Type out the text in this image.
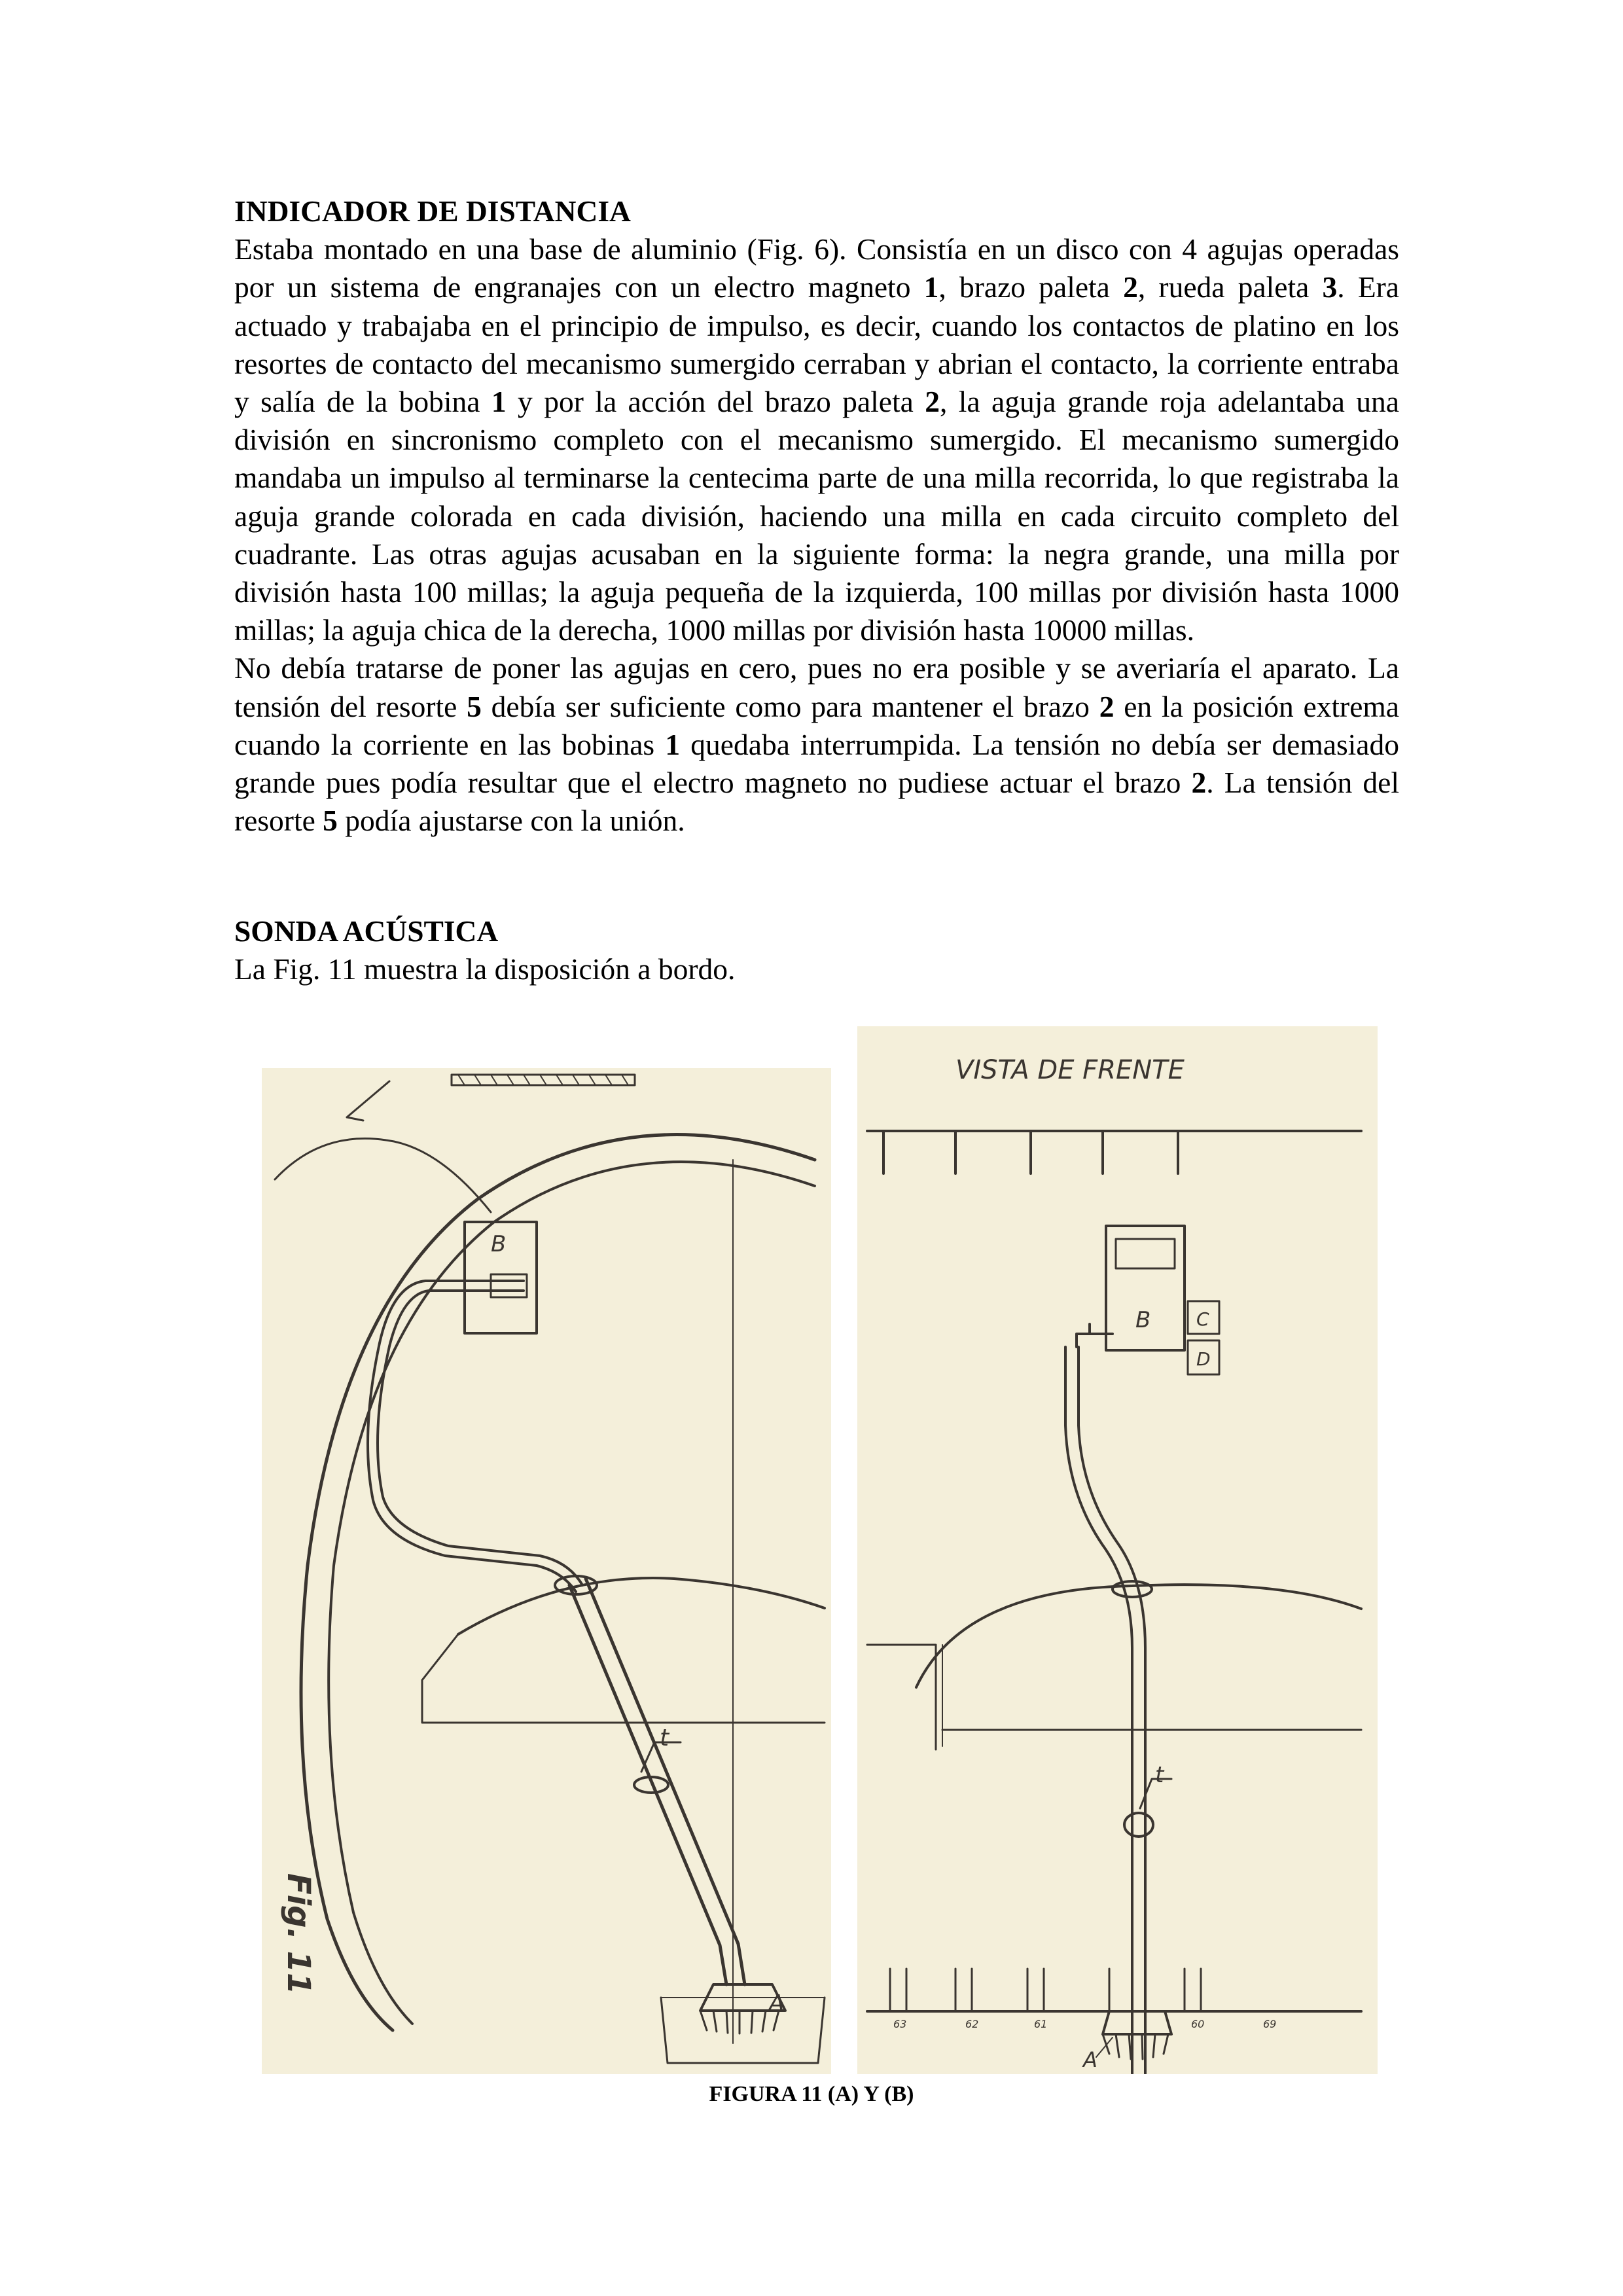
INDICADOR DE DISTANCIA

Estaba montado en una base de aluminio (Fig. 6). Consistía en un disco con 4 agujas operadas por un sistema de engranajes con un electro magneto 1, brazo paleta 2, rueda paleta 3. Era actuado y trabajaba en el principio de impulso, es decir, cuando los contactos de platino en los resortes de contacto del mecanismo sumergido cerraban y abrian el contacto, la corriente entraba y salía de la bobina 1 y por la acción del brazo paleta 2, la aguja grande roja adelantaba una división en sincronismo completo con el mecanismo sumergido. El mecanismo sumergido mandaba un impulso al terminarse la centecima parte de una milla recorrida, lo que registraba la aguja grande colorada en cada división, haciendo una milla en cada circuito completo del cuadrante. Las otras agujas acusaban en la siguiente forma: la negra grande, una milla por división hasta 100 millas; la aguja pequeña de la izquierda, 100 millas por división hasta 1000 millas; la aguja chica de la derecha, 1000 millas por división hasta 10000 millas.

No debía tratarse de poner las agujas en cero, pues no era posible y se averiaría el aparato. La tensión del resorte 5 debía ser suficiente como para mantener el brazo 2 en la posición extrema cuando la corriente en las bobinas 1 quedaba interrumpida. La tensión no debía ser demasiado grande pues podía resultar que el electro magneto no pudiese actuar el brazo 2. La tensión del resorte 5 podía ajustarse con la unión.

SONDA ACÚSTICA

La Fig. 11 muestra la disposición a bordo.

B
t
A
Fig. 11
VISTA DE FRENTE
B C
D
t
A
63	62	61	60	69
FIGURA 11 (A) Y (B)
